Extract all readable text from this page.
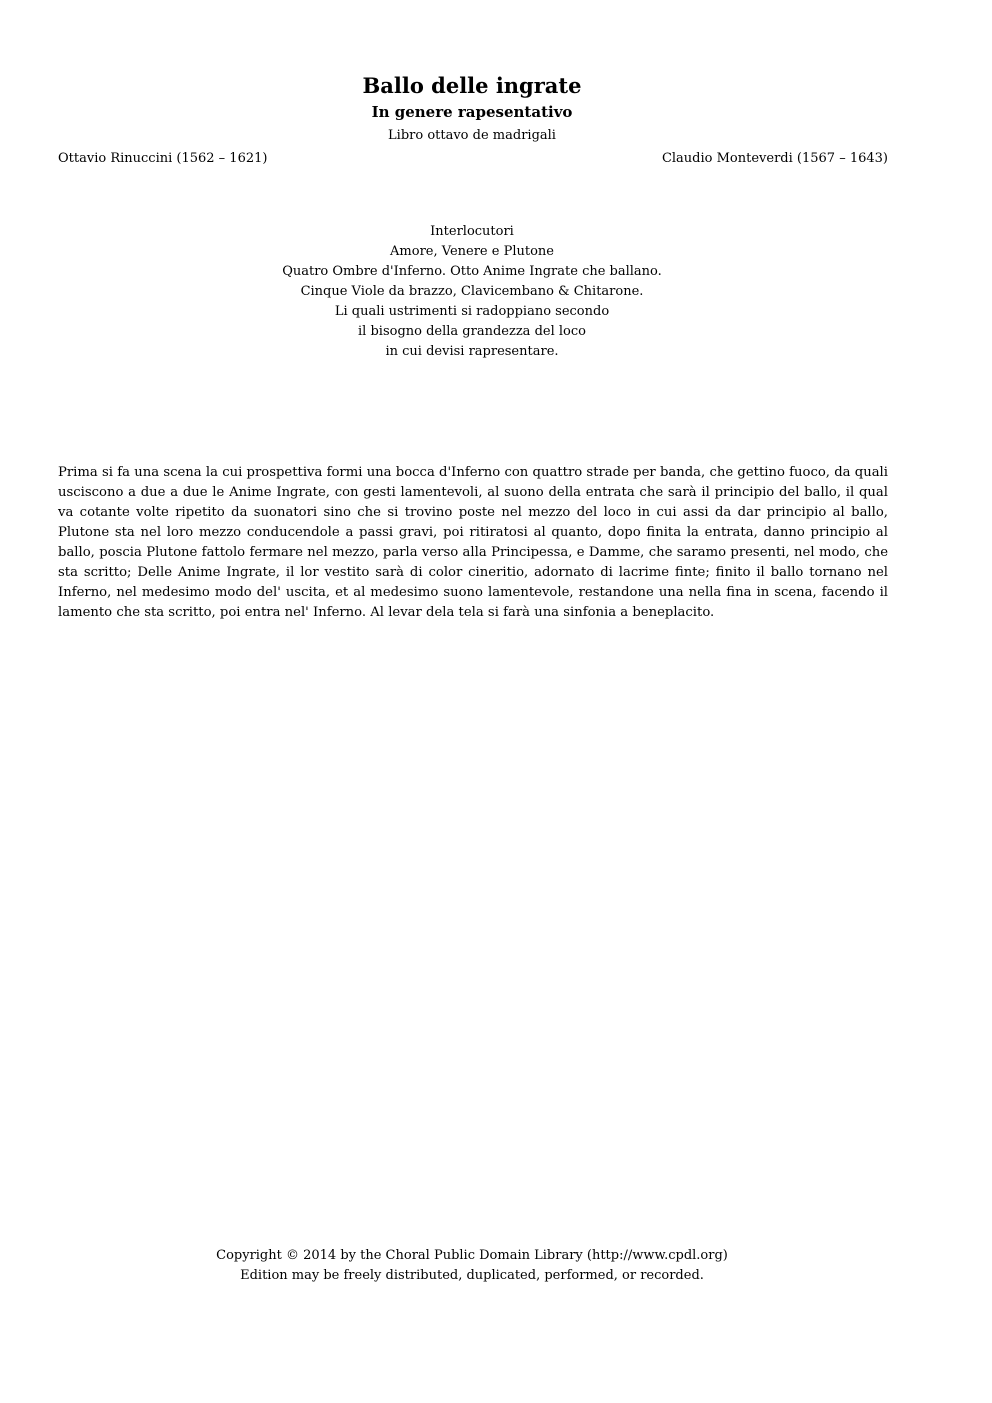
Ballo delle ingrate
In genere rapesentativo
Libro ottavo de madrigali
Ottavio Rinuccini (1562 – 1621)	Claudio Monteverdi (1567 – 1643)
Interlocutori
Amore, Venere e Plutone
Quatro Ombre d'Inferno. Otto Anime Ingrate che ballano.
Cinque Viole da brazzo, Clavicembano & Chitarone.
Li quali ustrimenti si radoppiano secondo
il bisogno della grandezza del loco
in cui devisi rapresentare.
Prima si fa una scena la cui prospettiva formi una bocca d'Inferno con quattro strade per banda, che gettino fuoco, da quali usciscono a due a due le Anime Ingrate, con gesti lamentevoli, al suono della entrata che sarà il principio del ballo, il qual va cotante volte ripetito da suonatori sino che si trovino poste nel mezzo del loco in cui assi da dar principio al ballo, Plutone sta nel loro mezzo conducendole a passi gravi, poi ritiratosi al quanto, dopo finita la entrata, danno principio al ballo, poscia Plutone fattolo fermare nel mezzo, parla verso alla Principessa, e Damme, che saramo presenti, nel modo, che sta scritto; Delle Anime Ingrate, il lor vestito sarà di color cineritio, adornato di lacrime finte; finito il ballo tornano nel Inferno, nel medesimo modo del' uscita, et al medesimo suono lamentevole, restandone una nella fina in scena, facendo il lamento che sta scritto, poi entra nel' Inferno. Al levar dela tela si farà una sinfonia a beneplacito.
Copyright © 2014 by the Choral Public Domain Library (http://www.cpdl.org)
Edition may be freely distributed, duplicated, performed, or recorded.
